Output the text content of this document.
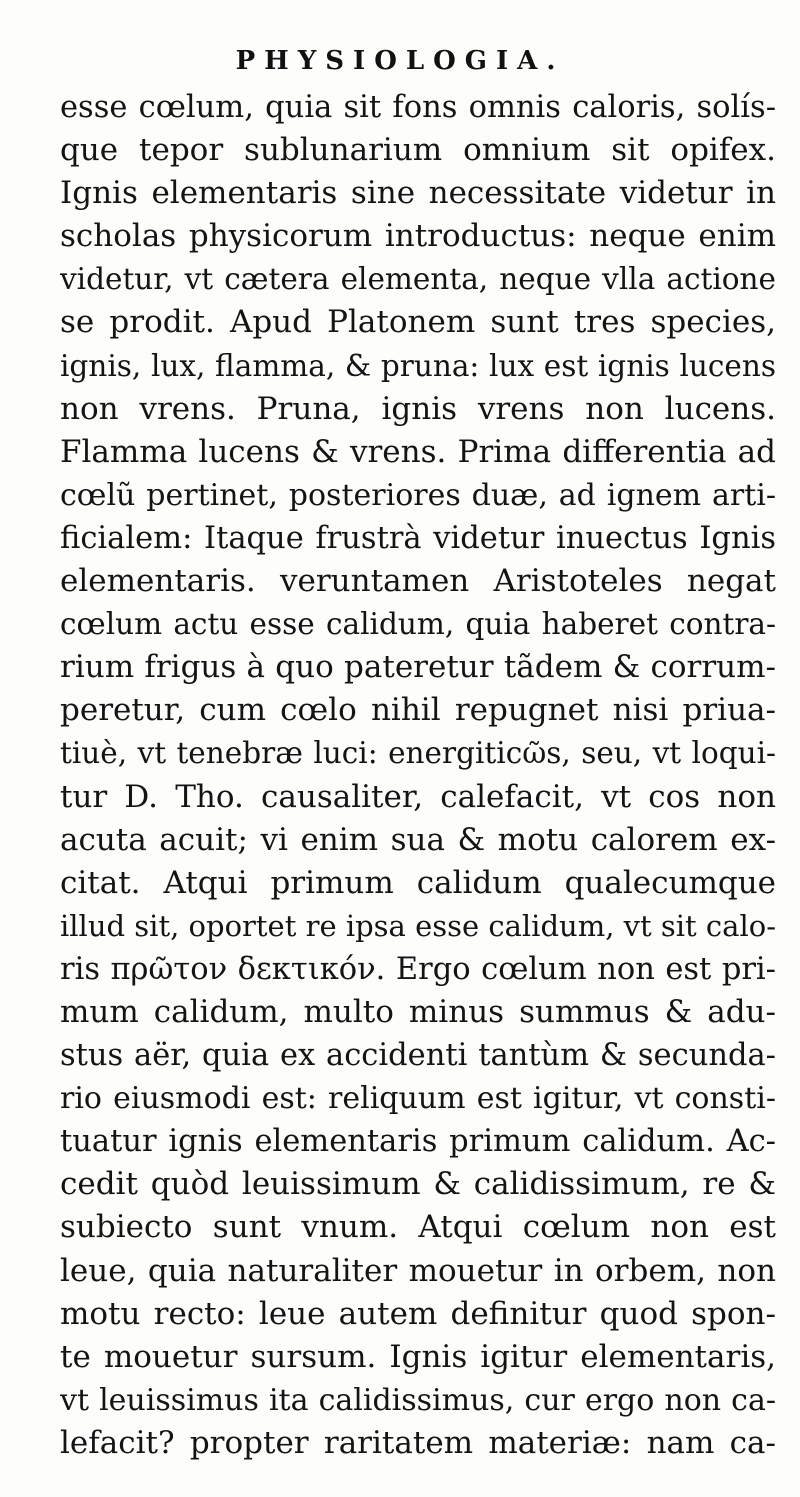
PHYSIOLOGIA.
esse cœlum, quia sit fons omnis caloris, solís-
que tepor sublunarium omnium sit opifex.
Ignis elementaris sine necessitate videtur in
scholas physicorum introductus: neque enim
videtur, vt cætera elementa, neque vlla actione
se prodit. Apud Platonem sunt tres species,
ignis, lux, flamma, & pruna: lux est ignis lucens
non vrens. Pruna, ignis vrens non lucens.
Flamma lucens & vrens. Prima differentia ad
cœlũ pertinet, posteriores duæ, ad ignem arti-
ficialem: Itaque frustrà videtur inuectus Ignis
elementaris. veruntamen Aristoteles negat
cœlum actu esse calidum, quia haberet contra-
rium frigus à quo pateretur tãdem & corrum-
peretur, cum cœlo nihil repugnet nisi priua-
tiuè, vt tenebræ luci: energiticῶs, seu, vt loqui-
tur D. Tho. causaliter, calefacit, vt cos non
acuta acuit; vi enim sua & motu calorem ex-
citat. Atqui primum calidum qualecumque
illud sit, oportet re ipsa esse calidum, vt sit calo-
ris πρῶτον δεκτικόν. Ergo cœlum non est pri-
mum calidum, multo minus summus & adu-
stus aër, quia ex accidenti tantùm & secunda-
rio eiusmodi est: reliquum est igitur, vt consti-
tuatur ignis elementaris primum calidum. Ac-
cedit quòd leuissimum & calidissimum, re &
subiecto sunt vnum. Atqui cœlum non est
leue, quia naturaliter mouetur in orbem, non
motu recto: leue autem definitur quod spon-
te mouetur sursum. Ignis igitur elementaris,
vt leuissimus ita calidissimus, cur ergo non ca-
lefacit? propter raritatem materiæ: nam ca-
